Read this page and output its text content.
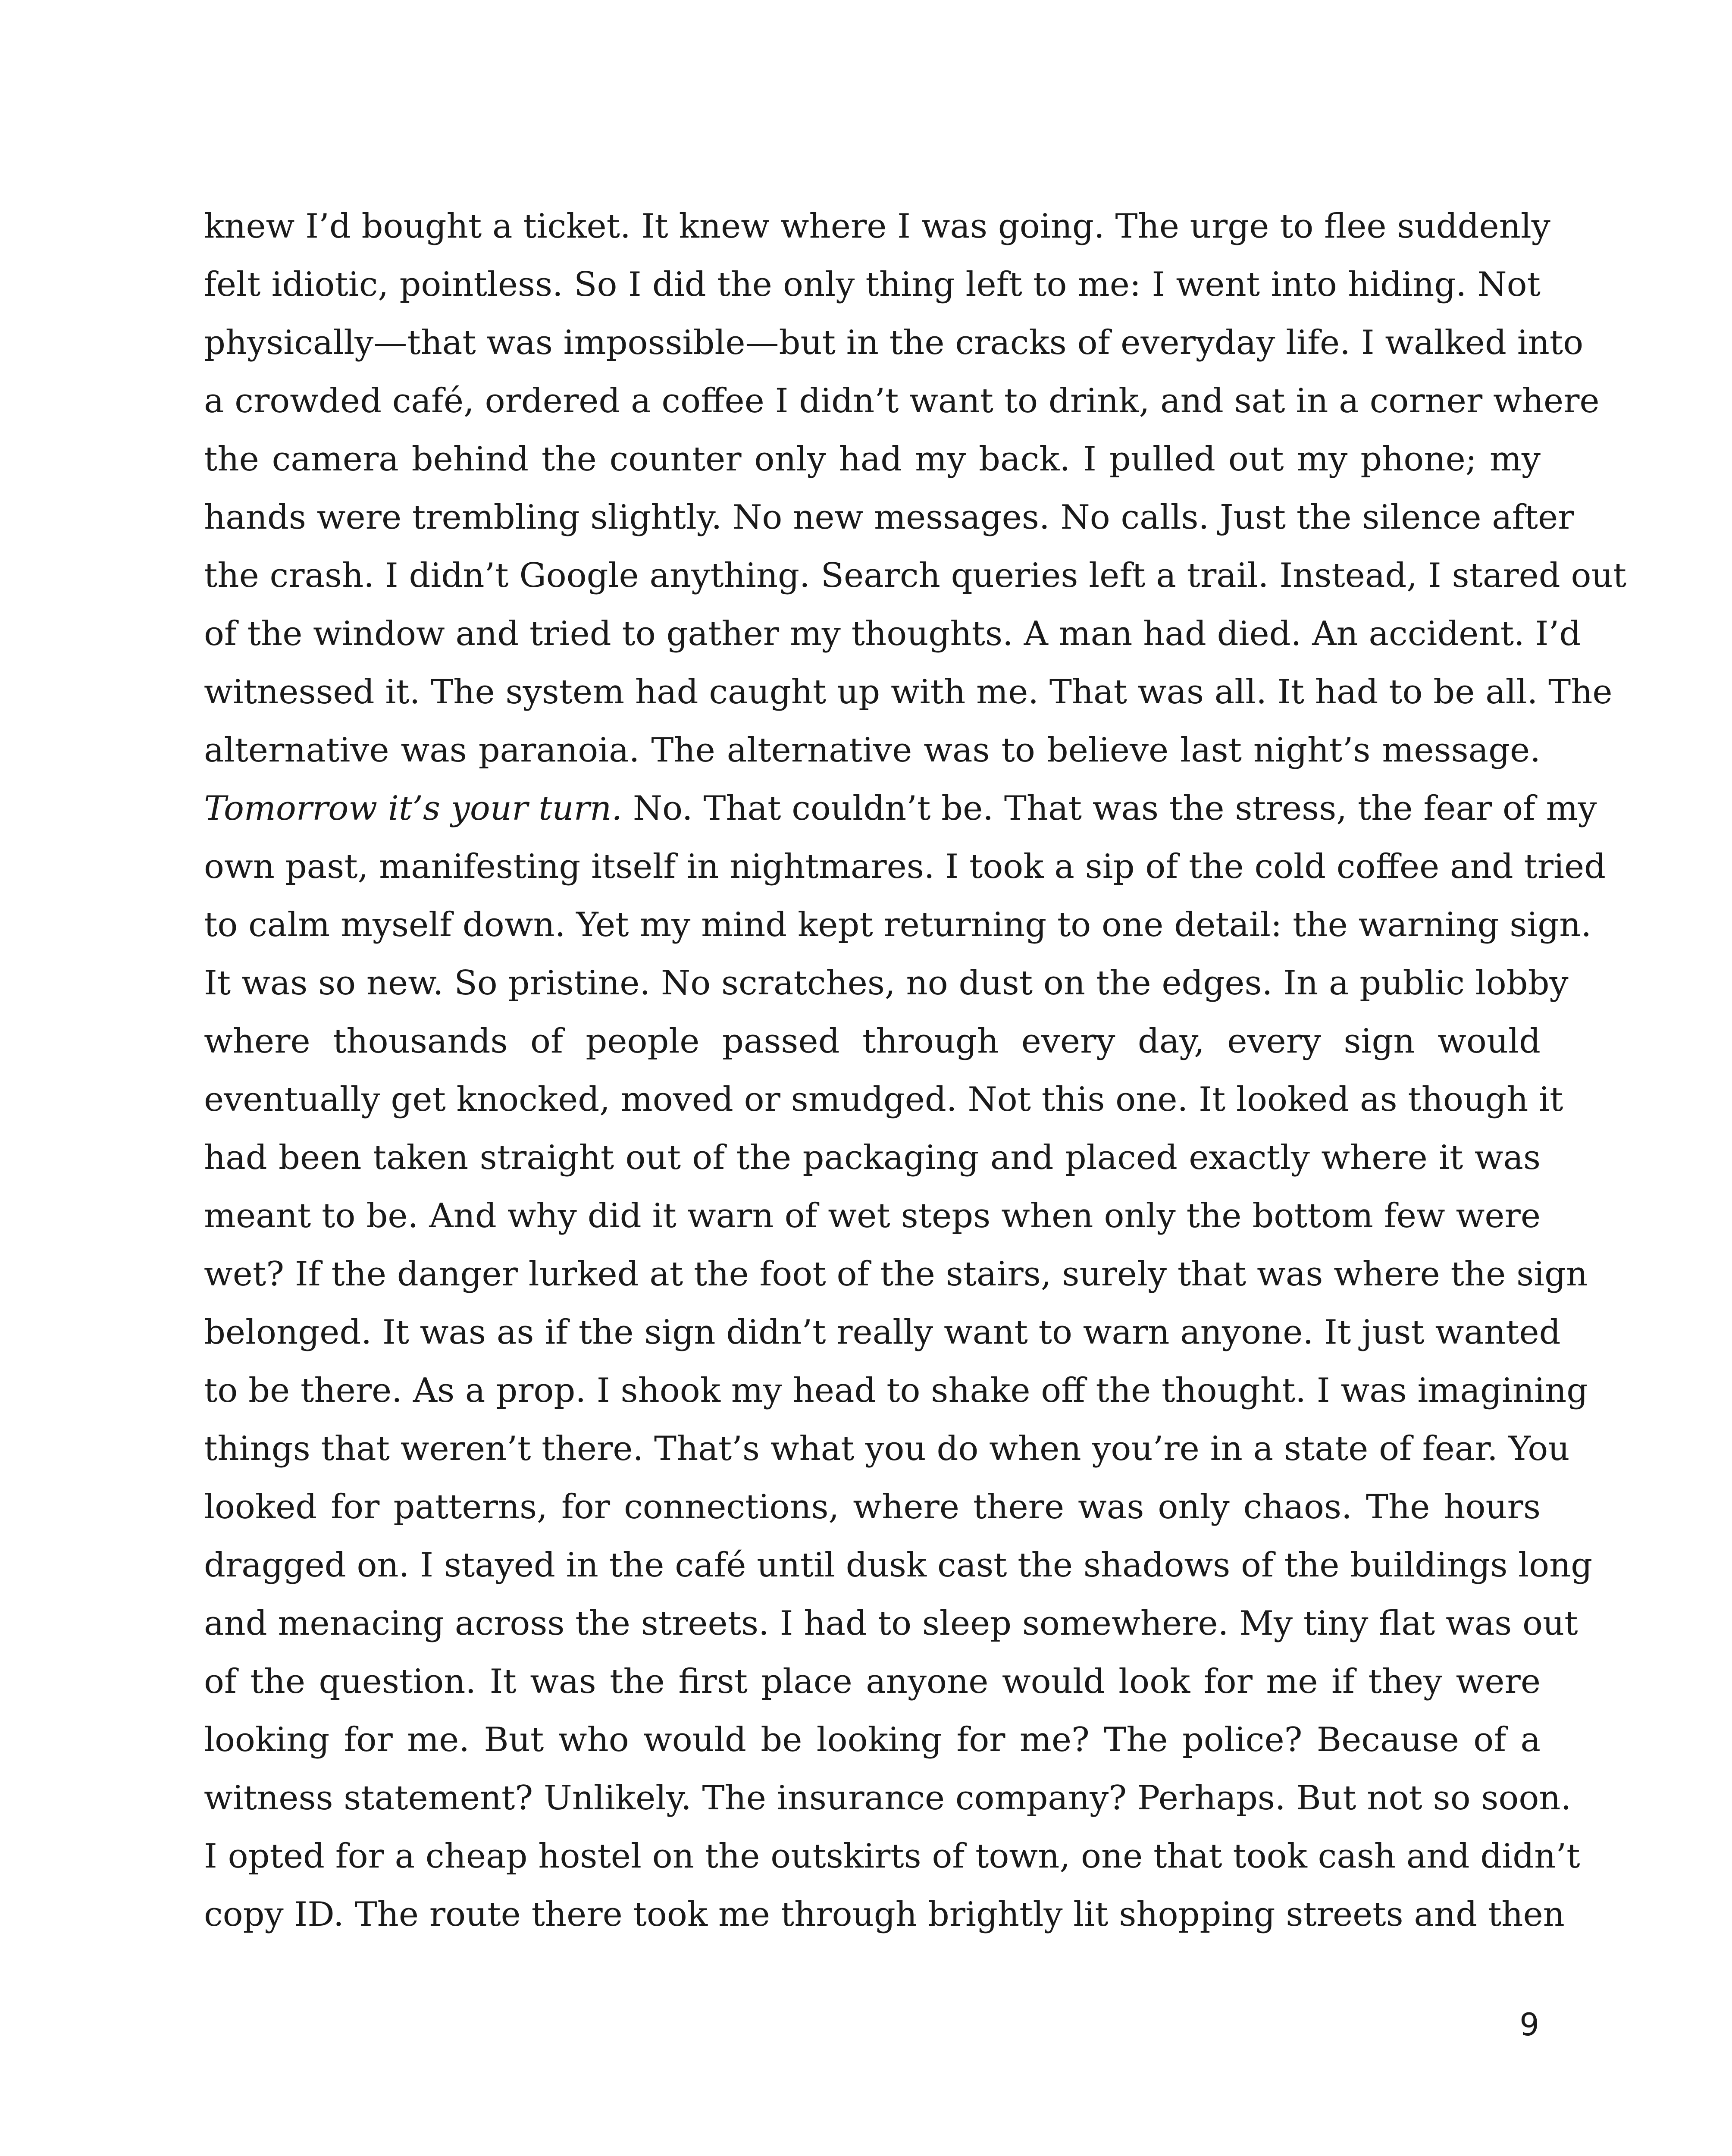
knew I’d bought a ticket. It knew where I was going. The urge to flee suddenly
felt idiotic, pointless. So I did the only thing left to me: I went into hiding. Not
physically—that was impossible—but in the cracks of everyday life. I walked into
a crowded café, ordered a coffee I didn’t want to drink, and sat in a corner where
the camera behind the counter only had my back. I pulled out my phone; my
hands were trembling slightly. No new messages. No calls. Just the silence after
the crash. I didn’t Google anything. Search queries left a trail. Instead, I stared out
of the window and tried to gather my thoughts. A man had died. An accident. I’d
witnessed it. The system had caught up with me. That was all. It had to be all. The
alternative was paranoia. The alternative was to believe last night’s message.
Tomorrow it’s your turn. No. That couldn’t be. That was the stress, the fear of my
own past, manifesting itself in nightmares. I took a sip of the cold coffee and tried
to calm myself down. Yet my mind kept returning to one detail: the warning sign.
It was so new. So pristine. No scratches, no dust on the edges. In a public lobby
where thousands of people passed through every day, every sign would
eventually get knocked, moved or smudged. Not this one. It looked as though it
had been taken straight out of the packaging and placed exactly where it was
meant to be. And why did it warn of wet steps when only the bottom few were
wet? If the danger lurked at the foot of the stairs, surely that was where the sign
belonged. It was as if the sign didn’t really want to warn anyone. It just wanted
to be there. As a prop. I shook my head to shake off the thought. I was imagining
things that weren’t there. That’s what you do when you’re in a state of fear. You
looked for patterns, for connections, where there was only chaos. The hours
dragged on. I stayed in the café until dusk cast the shadows of the buildings long
and menacing across the streets. I had to sleep somewhere. My tiny flat was out
of the question. It was the first place anyone would look for me if they were
looking for me. But who would be looking for me? The police? Because of a
witness statement? Unlikely. The insurance company? Perhaps. But not so soon.
I opted for a cheap hostel on the outskirts of town, one that took cash and didn’t
copy ID. The route there took me through brightly lit shopping streets and then
9
